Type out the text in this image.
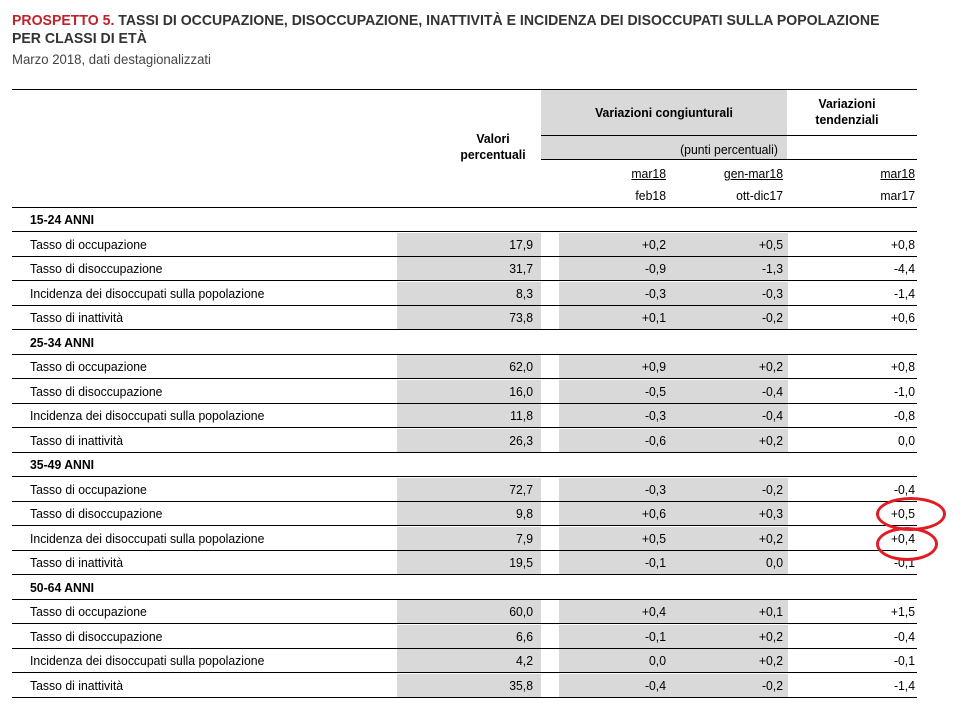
PROSPETTO 5. TASSI DI OCCUPAZIONE, DISOCCUPAZIONE, INATTIVITÀ E INCIDENZA DEI DISOCCUPATI SULLA POPOLAZIONE PER CLASSI DI ETÀ
Marzo 2018, dati destagionalizzati
Variazioni congiunturali
Variazioni tendenziali
Valori percentuali	(punti percentuali)
mar18
feb18
gen-mar18
ott-dic17
mar18
mar17
15-24 ANNI
Tasso di occupazione	17,9	+0,2	+0,5	+0,8
Tasso di disoccupazione	31,7	-0,9	-1,3	-4,4
Incidenza dei disoccupati sulla popolazione	8,3	-0,3	-0,3	-1,4
Tasso di inattività	73,8	+0,1	-0,2	+0,6
25-34 ANNI
Tasso di occupazione	62,0	+0,9	+0,2	+0,8
Tasso di disoccupazione	16,0	-0,5	-0,4	-1,0
Incidenza dei disoccupati sulla popolazione	11,8	-0,3	-0,4	-0,8
Tasso di inattività	26,3	-0,6	+0,2	0,0
35-49 ANNI
Tasso di occupazione	72,7	-0,3	-0,2	-0,4
Tasso di disoccupazione	9,8	+0,6	+0,3	+0,5
Incidenza dei disoccupati sulla popolazione	7,9	+0,5	+0,2	+0,4
Tasso di inattività	19,5	-0,1	0,0	-0,1
50-64 ANNI
Tasso di occupazione	60,0	+0,4	+0,1	+1,5
Tasso di disoccupazione	6,6	-0,1	+0,2	-0,4
Incidenza dei disoccupati sulla popolazione	4,2	0,0	+0,2	-0,1
Tasso di inattività	35,8	-0,4	-0,2	-1,4
